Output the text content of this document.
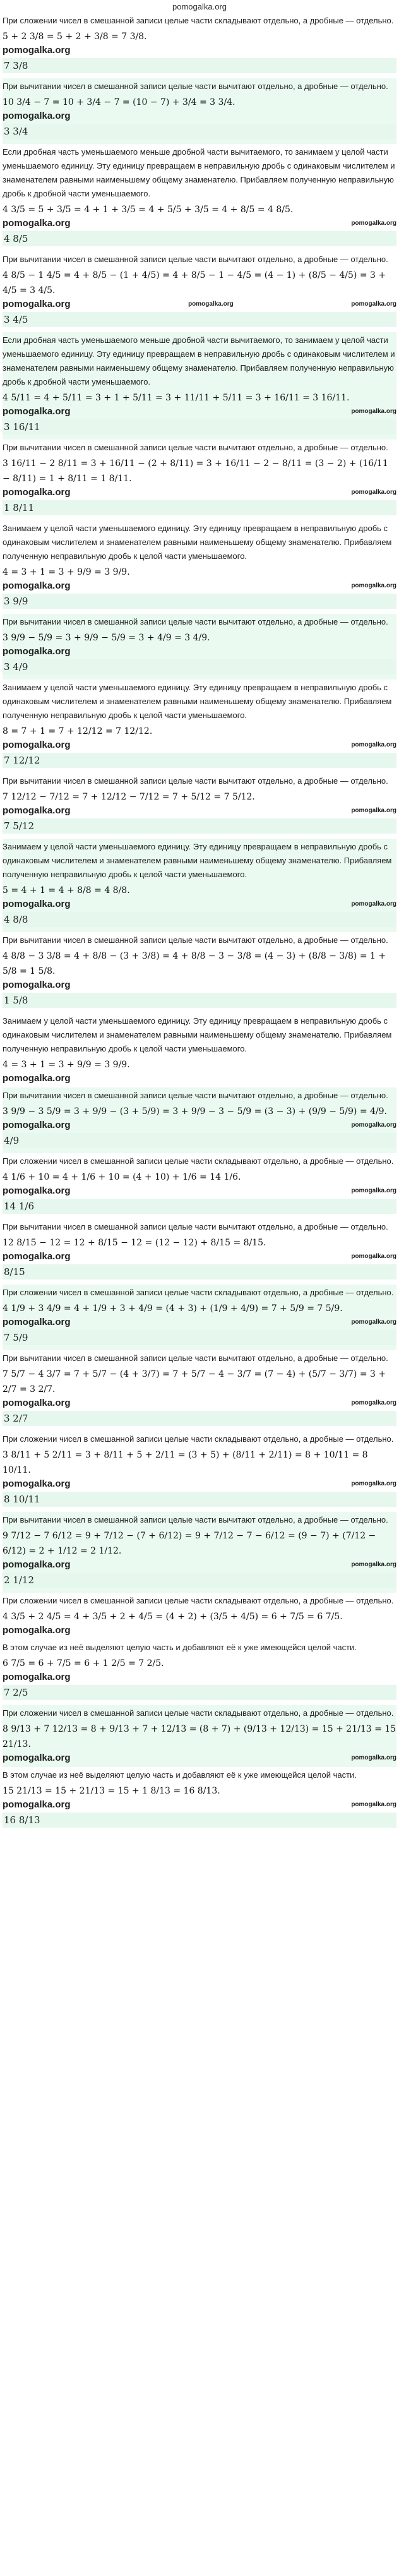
pomogalka.org

При сложении чисел в смешанной записи целые части складывают отдельно, а дробные — отдельно.

5 + 2 3/8 = 5 + 2 + 3/8 = 7 3/8.
pomogalka.org
7 3/8

При вычитании чисел в смешанной записи целые части вычитают отдельно, а дробные — отдельно.

10 3/4 − 7 = 10 + 3/4 − 7 = (10 − 7) + 3/4 = 3 3/4.
pomogalka.org
3 3/4

Если дробная часть уменьшаемого меньше дробной части вычитаемого, то занимаем у целой части уменьшаемого единицу. Эту единицу превращаем в неправильную дробь с одинаковым числителем и знаменателем равными наименьшему общему знаменателю. Прибавляем полученную неправильную дробь к дробной части уменьшаемого.

4 3/5 = 5 + 3/5 = 4 + 1 + 3/5 = 4 + 5/5 + 3/5 = 4 + 8/5 = 4 8/5.
pomogalka.org	pomogalka.org
4 8/5

При вычитании чисел в смешанной записи целые части вычитают отдельно, а дробные — отдельно.

4 8/5 − 1 4/5 = 4 + 8/5 − (1 + 4/5) = 4 + 8/5 − 1 − 4/5 = (4 − 1) + (8/5 − 4/5) = 3 + 4/5 = 3 4/5.
pomogalka.org	pomogalka.org	pomogalka.org
3 4/5

Если дробная часть уменьшаемого меньше дробной части вычитаемого, то занимаем у целой части уменьшаемого единицу. Эту единицу превращаем в неправильную дробь с одинаковым числителем и знаменателем равными наименьшему общему знаменателю. Прибавляем полученную неправильную дробь к дробной части уменьшаемого.

4 5/11 = 4 + 5/11 = 3 + 1 + 5/11 = 3 + 11/11 + 5/11 = 3 + 16/11 = 3 16/11.
pomogalka.org	pomogalka.org
3 16/11

При вычитании чисел в смешанной записи целые части вычитают отдельно, а дробные — отдельно.

3 16/11 − 2 8/11 = 3 + 16/11 − (2 + 8/11) = 3 + 16/11 − 2 − 8/11 = (3 − 2) + (16/11 − 8/11) = 1 + 8/11 = 1 8/11.
pomogalka.org	pomogalka.org
1 8/11

Занимаем у целой части уменьшаемого единицу. Эту единицу превращаем в неправильную дробь с одинаковым числителем и знаменателем равными наименьшему общему знаменателю. Прибавляем полученную неправильную дробь к целой части уменьшаемого.

4 = 3 + 1 = 3 + 9/9 = 3 9/9.
pomogalka.org	pomogalka.org
3 9/9

При вычитании чисел в смешанной записи целые части вычитают отдельно, а дробные — отдельно.

3 9/9 − 5/9 = 3 + 9/9 − 5/9 = 3 + 4/9 = 3 4/9.
pomogalka.org
3 4/9

Занимаем у целой части уменьшаемого единицу. Эту единицу превращаем в неправильную дробь с одинаковым числителем и знаменателем равными наименьшему общему знаменателю. Прибавляем полученную неправильную дробь к целой части уменьшаемого.

8 = 7 + 1 = 7 + 12/12 = 7 12/12.
pomogalka.org	pomogalka.org
7 12/12

При вычитании чисел в смешанной записи целые части вычитают отдельно, а дробные — отдельно.

7 12/12 − 7/12 = 7 + 12/12 − 7/12 = 7 + 5/12 = 7 5/12.
pomogalka.org	pomogalka.org
7 5/12

Занимаем у целой части уменьшаемого единицу. Эту единицу превращаем в неправильную дробь с одинаковым числителем и знаменателем равными наименьшему общему знаменателю. Прибавляем полученную неправильную дробь к целой части уменьшаемого.

5 = 4 + 1 = 4 + 8/8 = 4 8/8.
pomogalka.org	pomogalka.org
4 8/8

При вычитании чисел в смешанной записи целые части вычитают отдельно, а дробные — отдельно.

4 8/8 − 3 3/8 = 4 + 8/8 − (3 + 3/8) = 4 + 8/8 − 3 − 3/8 = (4 − 3) + (8/8 − 3/8) = 1 + 5/8 = 1 5/8.
pomogalka.org
1 5/8

Занимаем у целой части уменьшаемого единицу. Эту единицу превращаем в неправильную дробь с одинаковым числителем и знаменателем равными наименьшему общему знаменателю. Прибавляем полученную неправильную дробь к целой части уменьшаемого.

4 = 3 + 1 = 3 + 9/9 = 3 9/9.
pomogalka.org

При вычитании чисел в смешанной записи целые части вычитают отдельно, а дробные — отдельно.

3 9/9 − 3 5/9 = 3 + 9/9 − (3 + 5/9) = 3 + 9/9 − 3 − 5/9 = (3 − 3) + (9/9 − 5/9) = 4/9.
pomogalka.org	pomogalka.org
4/9

При сложении чисел в смешанной записи целые части складывают отдельно, а дробные — отдельно.

4 1/6 + 10 = 4 + 1/6 + 10 = (4 + 10) + 1/6 = 14 1/6.
pomogalka.org	pomogalka.org
14 1/6

При вычитании чисел в смешанной записи целые части вычитают отдельно, а дробные — отдельно.

12 8/15 − 12 = 12 + 8/15 − 12 = (12 − 12) + 8/15 = 8/15.
pomogalka.org	pomogalka.org
8/15

При сложении чисел в смешанной записи целые части складывают отдельно, а дробные — отдельно.

4 1/9 + 3 4/9 = 4 + 1/9 + 3 + 4/9 = (4 + 3) + (1/9 + 4/9) = 7 + 5/9 = 7 5/9.
pomogalka.org	pomogalka.org
7 5/9

При вычитании чисел в смешанной записи целые части вычитают отдельно, а дробные — отдельно.

7 5/7 − 4 3/7 = 7 + 5/7 − (4 + 3/7) = 7 + 5/7 − 4 − 3/7 = (7 − 4) + (5/7 − 3/7) = 3 + 2/7 = 3 2/7.
pomogalka.org	pomogalka.org
3 2/7

При сложении чисел в смешанной записи целые части складывают отдельно, а дробные — отдельно.

3 8/11 + 5 2/11 = 3 + 8/11 + 5 + 2/11 = (3 + 5) + (8/11 + 2/11) = 8 + 10/11 = 8 10/11.
pomogalka.org	pomogalka.org
8 10/11

При вычитании чисел в смешанной записи целые части вычитают отдельно, а дробные — отдельно.

9 7/12 − 7 6/12 = 9 + 7/12 − (7 + 6/12) = 9 + 7/12 − 7 − 6/12 = (9 − 7) + (7/12 − 6/12) = 2 + 1/12 = 2 1/12.
pomogalka.org	pomogalka.org
2 1/12

При сложении чисел в смешанной записи целые части складывают отдельно, а дробные — отдельно.

4 3/5 + 2 4/5 = 4 + 3/5 + 2 + 4/5 = (4 + 2) + (3/5 + 4/5) = 6 + 7/5 = 6 7/5.
pomogalka.org

В этом случае из неё выделяют целую часть и добавляют её к уже имеющейся целой части.

6 7/5 = 6 + 7/5 = 6 + 1 2/5 = 7 2/5.
pomogalka.org
7 2/5

При сложении чисел в смешанной записи целые части складывают отдельно, а дробные — отдельно.

8 9/13 + 7 12/13 = 8 + 9/13 + 7 + 12/13 = (8 + 7) + (9/13 + 12/13) = 15 + 21/13 = 15 21/13.
pomogalka.org	pomogalka.org

В этом случае из неё выделяют целую часть и добавляют её к уже имеющейся целой части.

15 21/13 = 15 + 21/13 = 15 + 1 8/13 = 16 8/13.
pomogalka.org	pomogalka.org
16 8/13
